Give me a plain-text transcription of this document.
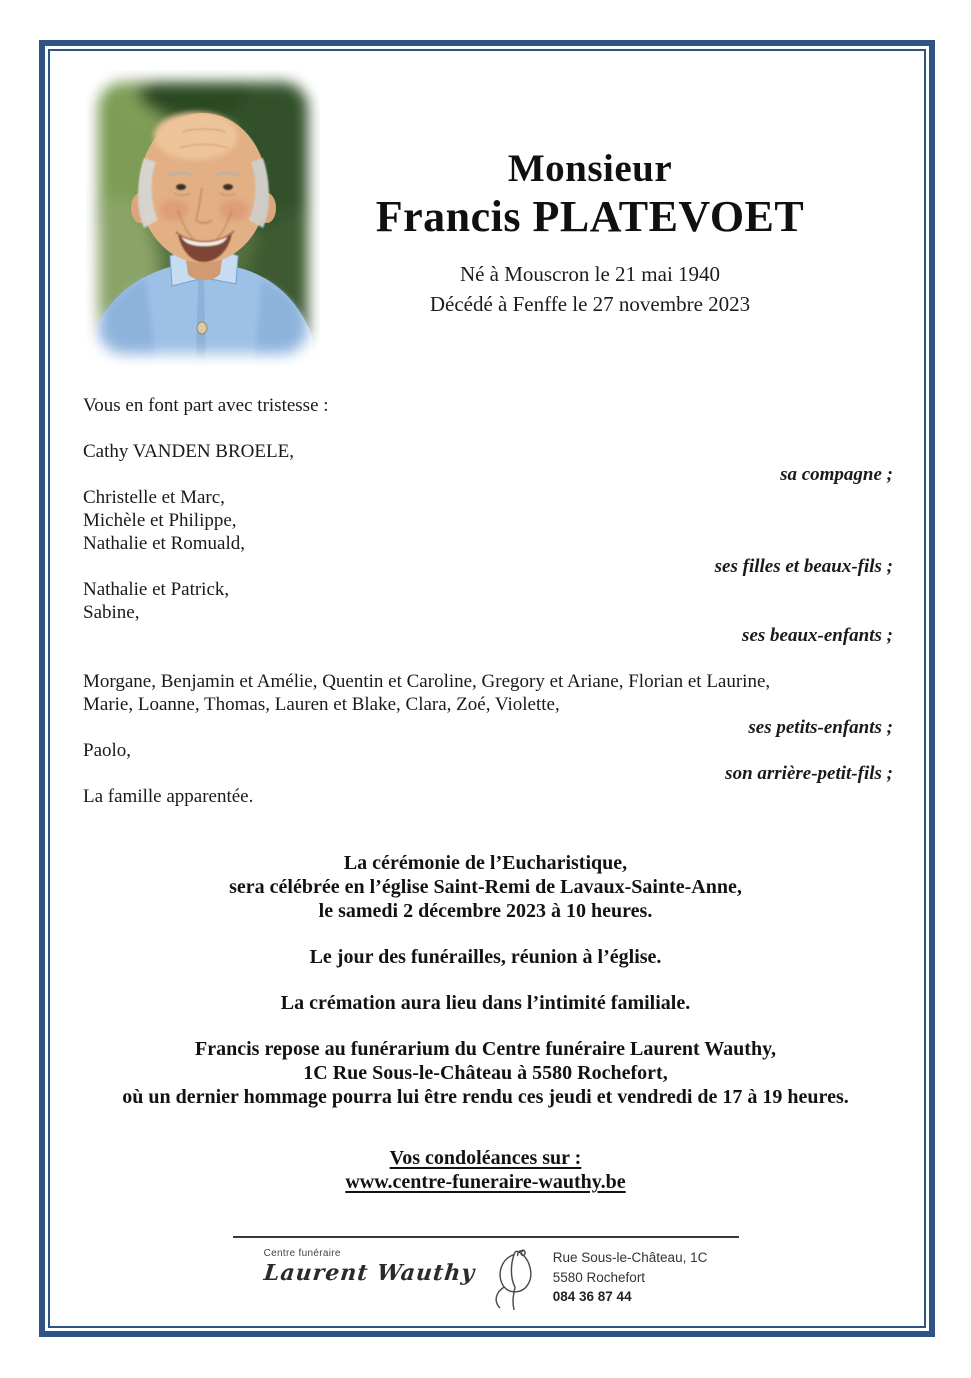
Monsieur
Francis PLATEVOET
Né à Mouscron le 21 mai 1940
Décédé à Fenffe le 27 novembre 2023
Vous en font part avec tristesse :
Cathy VANDEN BROELE,
sa compagne ;
Christelle et Marc,
Michèle et Philippe,
Nathalie et Romuald,
ses filles et beaux-fils ;
Nathalie et Patrick,
Sabine,
ses beaux-enfants ;
Morgane, Benjamin et Amélie, Quentin et Caroline, Gregory et Ariane, Florian et Laurine,
Marie, Loanne, Thomas, Lauren et Blake, Clara, Zoé, Violette,
ses petits-enfants ;
Paolo,
son arrière-petit-fils ;
La famille apparentée.

La cérémonie de l’Eucharistique,
sera célébrée en l’église Saint-Remi de Lavaux-Sainte-Anne,
le samedi 2 décembre 2023 à 10 heures.

Le jour des funérailles, réunion à l’église.

La crémation aura lieu dans l’intimité familiale.

Francis repose au funérarium du Centre funéraire Laurent Wauthy,
1C Rue Sous-le-Château à 5580 Rochefort,
où un dernier hommage pourra lui être rendu ces jeudi et vendredi de 17 à 19 heures.

Vos condoléances sur :
www.centre-funeraire-wauthy.be
Centre funéraire
Laurent Wauthy
Rue Sous-le-Château, 1C
5580 Rochefort
084 36 87 44
